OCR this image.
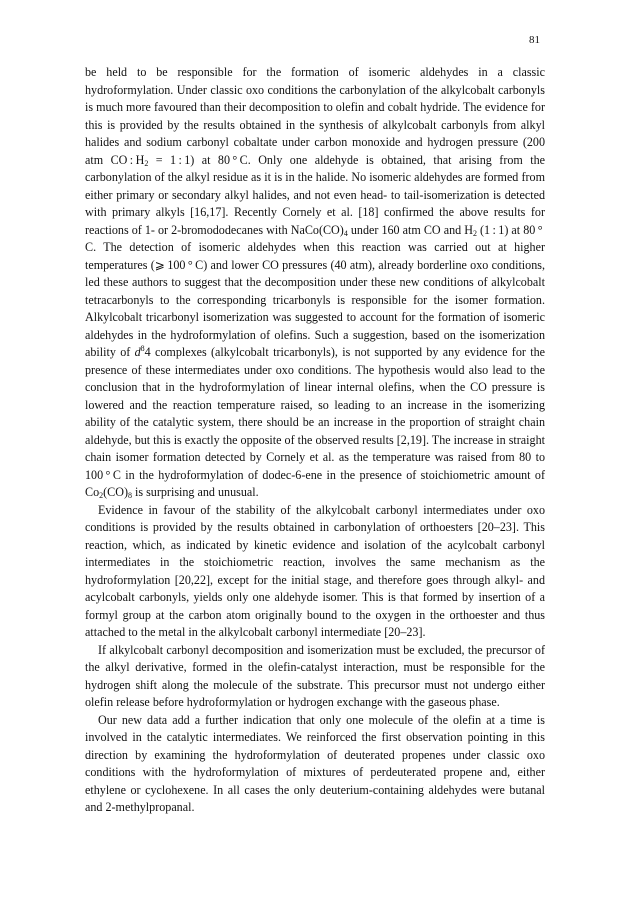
81

be held to be responsible for the formation of isomeric aldehydes in a classic hydroformylation. Under classic oxo conditions the carbonylation of the alkylcobalt carbonyls is much more favoured than their decomposition to olefin and cobalt hydride. The evidence for this is provided by the results obtained in the synthesis of alkylcobalt carbonyls from alkyl halides and sodium carbonyl cobaltate under carbon monoxide and hydrogen pressure (200 atm CO : $H_2 = 1$ : 1) at 80 ° C. Only one aldehyde is obtained, that arising from the carbonylation of the alkyl residue as it is in the halide. No isomeric aldehydes are formed from either primary or secondary alkyl halides, and not even head- to tail-isomerization is detected with primary alkyls [16,17]. Recently Cornely et al. [18] confirmed the above results for reactions of 1- or 2-bromododecanes with $NaCo(CO)_4$ under 160 atm CO and $H_2$ (1 : 1) at 80 ° C. The detection of isomeric aldehydes when this reaction was carried out at higher temperatures (⩾ 100 ° C) and lower CO pressures (40 atm), already borderline oxo conditions, led these authors to suggest that the decomposition under these new conditions of alkylcobalt tetracarbonyls to the corresponding tricarbonyls is responsible for the isomer formation. Alkylcobalt tricarbonyl isomerization was suggested to account for the formation of isomeric aldehydes in the hydroformylation of olefins. Such a suggestion, based on the isomerization ability of $d^84$ complexes (alkylcobalt tricarbonyls), is not supported by any evidence for the presence of these intermediates under oxo conditions. The hypothesis would also lead to the conclusion that in the hydroformylation of linear internal olefins, when the CO pressure is lowered and the reaction temperature raised, so leading to an increase in the isomerizing ability of the catalytic system, there should be an increase in the proportion of straight chain aldehyde, but this is exactly the opposite of the observed results [2,19]. The increase in straight chain isomer formation detected by Cornely et al. as the temperature was raised from 80 to 100 ° C in the hydroformylation of dodec-6-ene in the presence of stoichiometric amount of $Co_2(CO)_8$ is surprising and unusual.

Evidence in favour of the stability of the alkylcobalt carbonyl intermediates under oxo conditions is provided by the results obtained in carbonylation of orthoesters [20–23]. This reaction, which, as indicated by kinetic evidence and isolation of the acylcobalt carbonyl intermediates in the stoichiometric reaction, involves the same mechanism as the hydroformylation [20,22], except for the initial stage, and therefore goes through alkyl- and acylcobalt carbonyls, yields only one aldehyde isomer. This is that formed by insertion of a formyl group at the carbon atom originally bound to the oxygen in the orthoester and thus attached to the metal in the alkylcobalt carbonyl intermediate [20–23].

If alkylcobalt carbonyl decomposition and isomerization must be excluded, the precursor of the alkyl derivative, formed in the olefin-catalyst interaction, must be responsible for the hydrogen shift along the molecule of the substrate. This precursor must not undergo either olefin release before hydroformylation or hydrogen exchange with the gaseous phase.

Our new data add a further indication that only one molecule of the olefin at a time is involved in the catalytic intermediates. We reinforced the first observation pointing in this direction by examining the hydroformylation of deuterated propenes under classic oxo conditions with the hydroformylation of mixtures of perdeuterated propene and, either ethylene or cyclohexene. In all cases the only deuterium-containing aldehydes were butanal and 2-methylpropanal.
